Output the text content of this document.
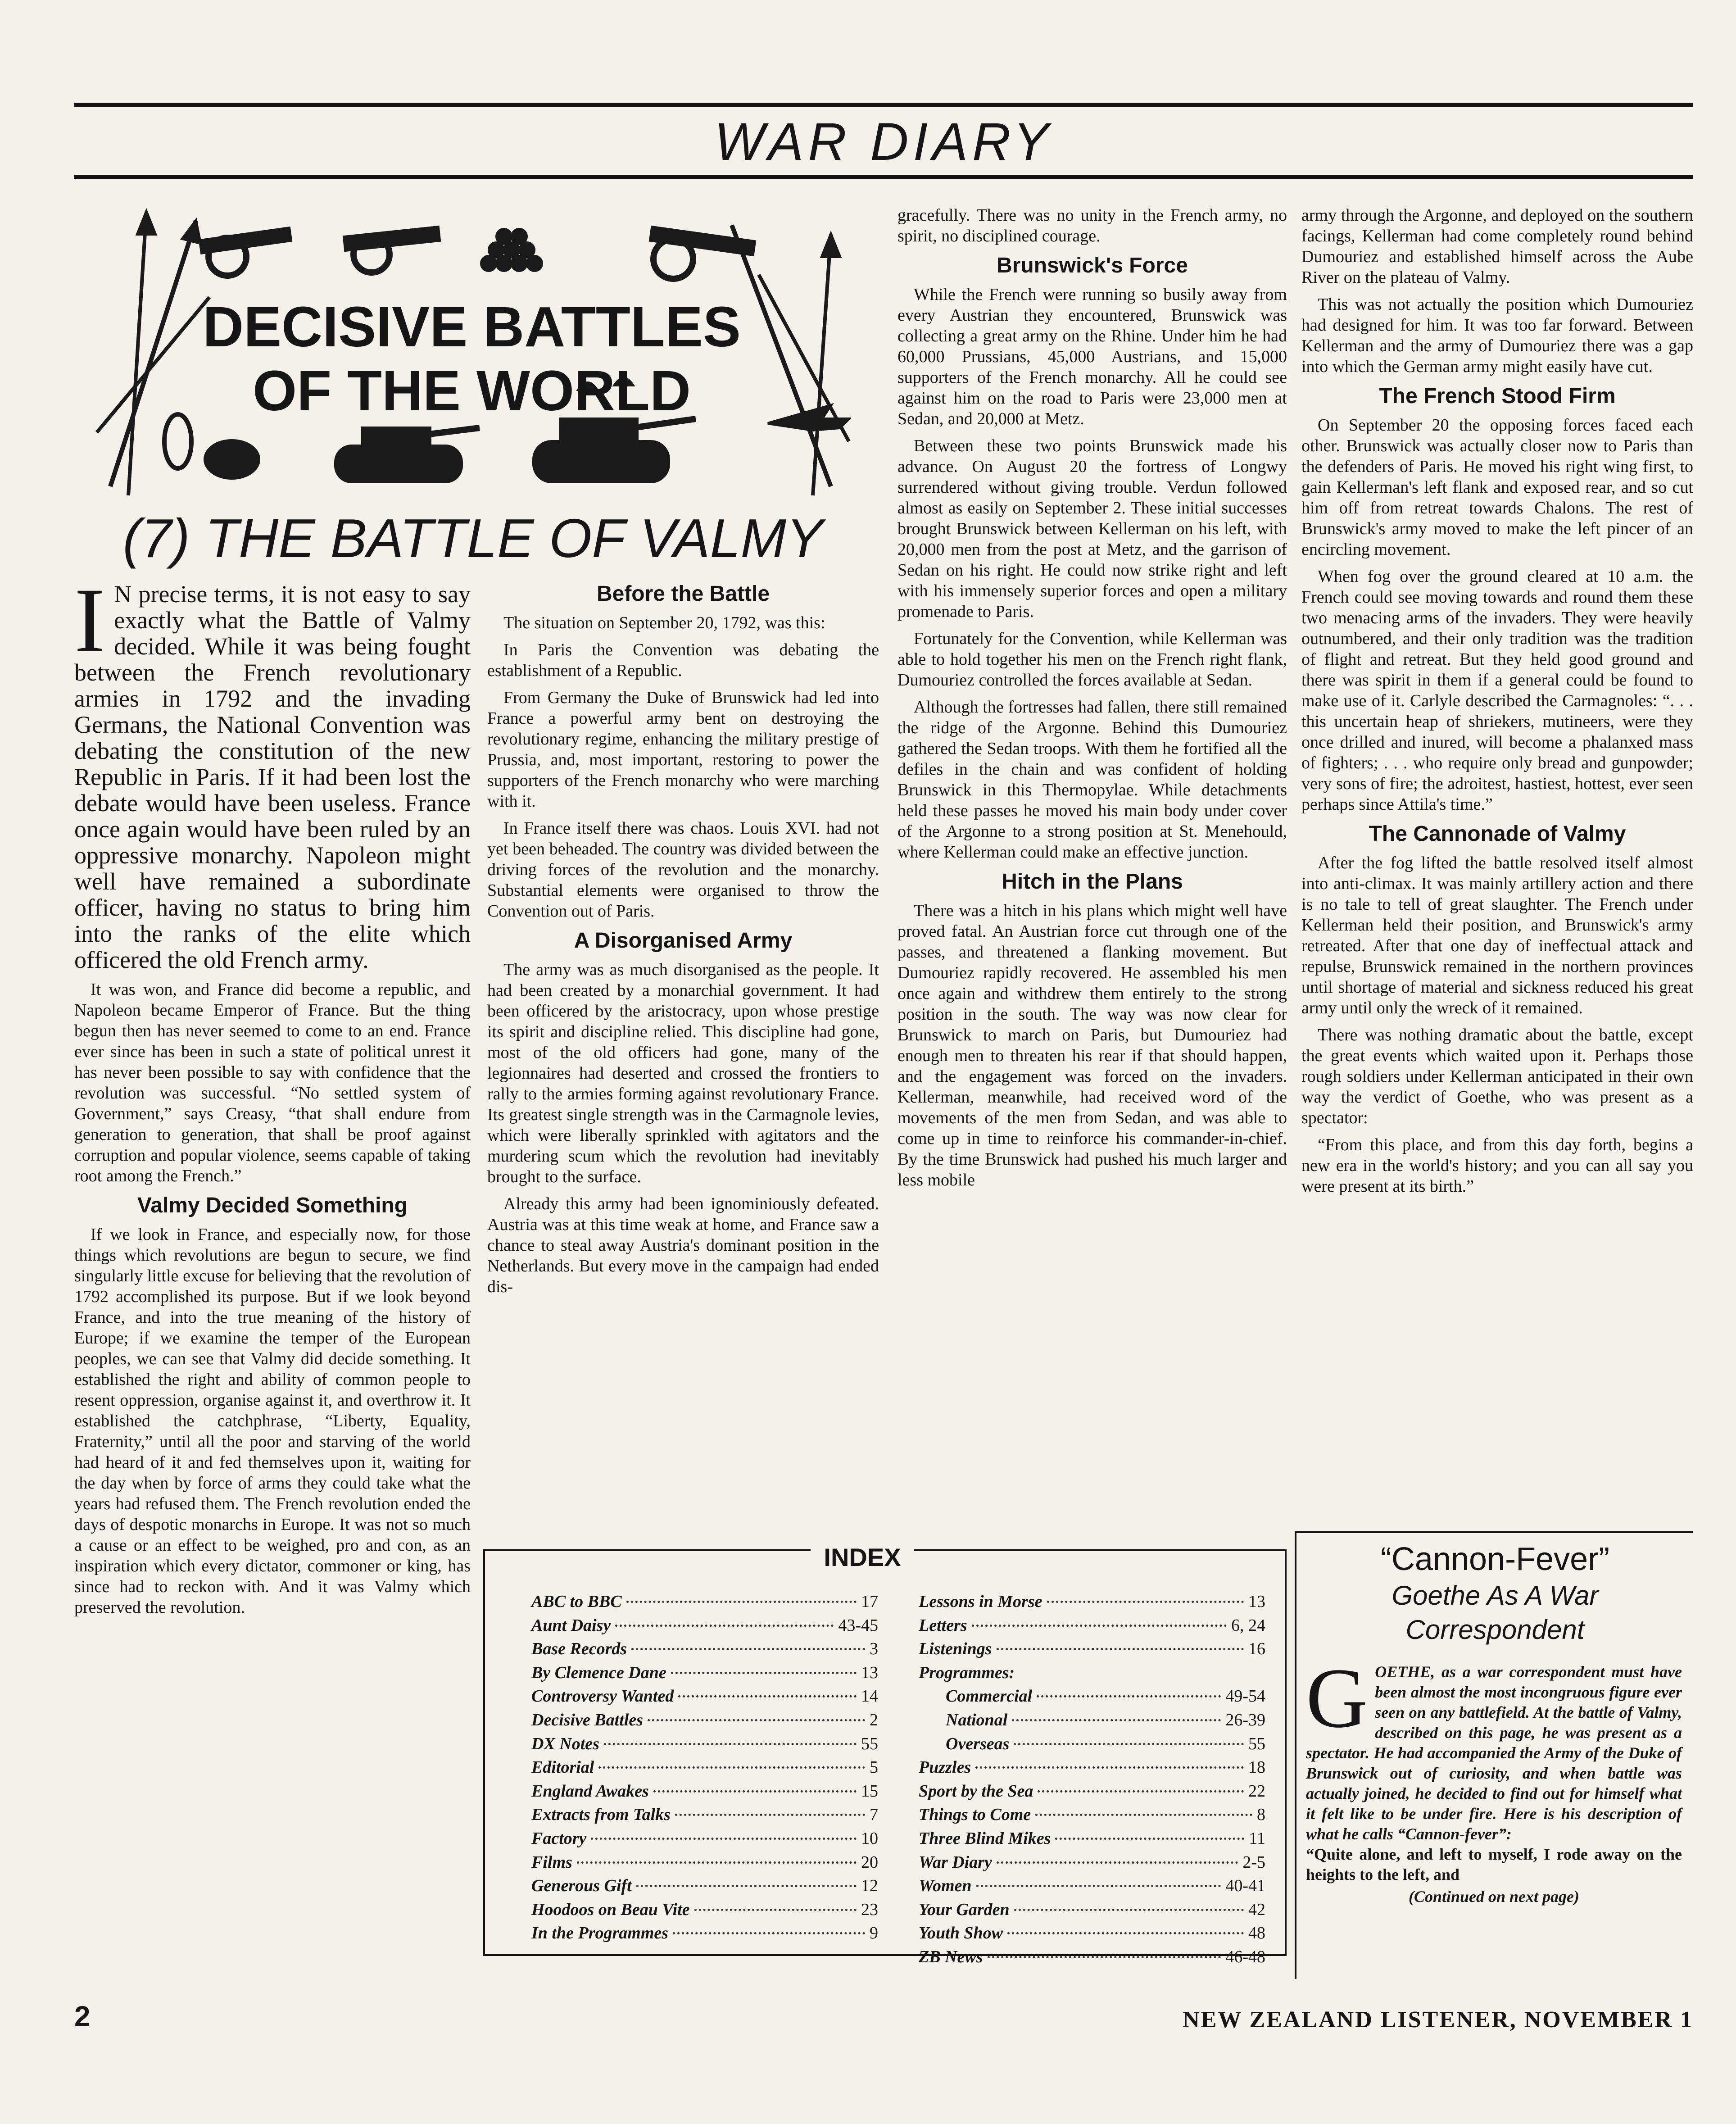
WAR DIARY
DECISIVE BATTLES
OF THE WORLD
(7) THE BATTLE OF VALMY

I N precise terms, it is not easy to say exactly what the Battle of Valmy decided. While it was being fought between the French revolutionary armies in 1792 and the invading Germans, the National Convention was debating the constitution of the new Republic in Paris. If it had been lost the debate would have been useless. France once again would have been ruled by an oppressive monarchy. Napoleon might well have remained a subordinate officer, having no status to bring him into the ranks of the elite which officered the old French army.

It was won, and France did become a republic, and Napoleon became Emperor of France. But the thing begun then has never seemed to come to an end. France ever since has been in such a state of political unrest it has never been possible to say with confidence that the revolution was successful. “No settled system of Government,” says Creasy, “that shall endure from generation to generation, that shall be proof against corruption and popular violence, seems capable of taking root among the French.”

Valmy Decided Something

If we look in France, and especially now, for those things which revolutions are begun to secure, we find singularly little excuse for believing that the revolution of 1792 accomplished its purpose. But if we look beyond France, and into the true meaning of the history of Europe; if we examine the temper of the European peoples, we can see that Valmy did decide something. It established the right and ability of common people to resent oppression, organise against it, and overthrow it. It established the catchphrase, “Liberty, Equality, Fraternity,” until all the poor and starving of the world had heard of it and fed themselves upon it, waiting for the day when by force of arms they could take what the years had refused them. The French revolution ended the days of despotic monarchs in Europe. It was not so much a cause or an effect to be weighed, pro and con, as an inspiration which every dictator, commoner or king, has since had to reckon with. And it was Valmy which preserved the revolution.

Before the Battle

The situation on September 20, 1792, was this:

In Paris the Convention was debating the establishment of a Republic.

From Germany the Duke of Brunswick had led into France a powerful army bent on destroying the revolutionary regime, enhancing the military prestige of Prussia, and, most important, restoring to power the supporters of the French monarchy who were marching with it.

In France itself there was chaos. Louis XVI. had not yet been beheaded. The country was divided between the driving forces of the revolution and the monarchy. Substantial elements were organised to throw the Convention out of Paris.

A Disorganised Army

The army was as much disorganised as the people. It had been created by a monarchial government. It had been officered by the aristocracy, upon whose prestige its spirit and discipline relied. This discipline had gone, most of the old officers had gone, many of the legionnaires had deserted and crossed the frontiers to rally to the armies forming against revolutionary France. Its greatest single strength was in the Carmagnole levies, which were liberally sprinkled with agitators and the murdering scum which the revolution had inevitably brought to the surface.

Already this army had been ignominiously defeated. Austria was at this time weak at home, and France saw a chance to steal away Austria's dominant position in the Netherlands. But every move in the campaign had ended dis-

gracefully. There was no unity in the French army, no spirit, no disciplined courage.

Brunswick's Force

While the French were running so busily away from every Austrian they encountered, Brunswick was collecting a great army on the Rhine. Under him he had 60,000 Prussians, 45,000 Austrians, and 15,000 supporters of the French monarchy. All he could see against him on the road to Paris were 23,000 men at Sedan, and 20,000 at Metz.

Between these two points Brunswick made his advance. On August 20 the fortress of Longwy surrendered without giving trouble. Verdun followed almost as easily on September 2. These initial successes brought Brunswick between Kellerman on his left, with 20,000 men from the post at Metz, and the garrison of Sedan on his right. He could now strike right and left with his immensely superior forces and open a military promenade to Paris.

Fortunately for the Convention, while Kellerman was able to hold together his men on the French right flank, Dumouriez controlled the forces available at Sedan.

Although the fortresses had fallen, there still remained the ridge of the Argonne. Behind this Dumouriez gathered the Sedan troops. With them he fortified all the defiles in the chain and was confident of holding Brunswick in this Thermopylae. While detachments held these passes he moved his main body under cover of the Argonne to a strong position at St. Menehould, where Kellerman could make an effective junction.

Hitch in the Plans

There was a hitch in his plans which might well have proved fatal. An Austrian force cut through one of the passes, and threatened a flanking movement. But Dumouriez rapidly recovered. He assembled his men once again and withdrew them entirely to the strong position in the south. The way was now clear for Brunswick to march on Paris, but Dumouriez had enough men to threaten his rear if that should happen, and the engagement was forced on the invaders. Kellerman, meanwhile, had received word of the movements of the men from Sedan, and was able to come up in time to reinforce his commander-in-chief. By the time Brunswick had pushed his much larger and less mobile

army through the Argonne, and deployed on the southern facings, Kellerman had come completely round behind Dumouriez and established himself across the Aube River on the plateau of Valmy.

This was not actually the position which Dumouriez had designed for him. It was too far forward. Between Kellerman and the army of Dumouriez there was a gap into which the German army might easily have cut.

The French Stood Firm

On September 20 the opposing forces faced each other. Brunswick was actually closer now to Paris than the defenders of Paris. He moved his right wing first, to gain Kellerman's left flank and exposed rear, and so cut him off from retreat towards Chalons. The rest of Brunswick's army moved to make the left pincer of an encircling movement.

When fog over the ground cleared at 10 a.m. the French could see moving towards and round them these two menacing arms of the invaders. They were heavily outnumbered, and their only tradition was the tradition of flight and retreat. But they held good ground and there was spirit in them if a general could be found to make use of it. Carlyle described the Carmagnoles: “. . . this uncertain heap of shriekers, mutineers, were they once drilled and inured, will become a phalanxed mass of fighters; . . . who require only bread and gunpowder; very sons of fire; the adroitest, hastiest, hottest, ever seen perhaps since Attila's time.”

The Cannonade of Valmy

After the fog lifted the battle resolved itself almost into anti-climax. It was mainly artillery action and there is no tale to tell of great slaughter. The French under Kellerman held their position, and Brunswick's army retreated. After that one day of ineffectual attack and repulse, Brunswick remained in the northern provinces until shortage of material and sickness reduced his great army until only the wreck of it remained.

There was nothing dramatic about the battle, except the great events which waited upon it. Perhaps those rough soldiers under Kellerman anticipated in their own way the verdict of Goethe, who was present as a spectator:

“From this place, and from this day forth, begins a new era in the world's history; and you can all say you were present at its birth.”

INDEX
ABC to BBC	17
Aunt Daisy	43-45
Base Records	3
By Clemence Dane	13
Controversy Wanted	14
Decisive Battles	2
DX Notes	55
Editorial	5
England Awakes	15
Extracts from Talks	7
Factory	10
Films	20
Generous Gift	12
Hoodoos on Beau Vite	23
In the Programmes	9
Lessons in Morse	13
Letters	6, 24
Listenings	16
Programmes:
Commercial	49-54
National	26-39
Overseas	55
Puzzles	18
Sport by the Sea	22
Things to Come	8
Three Blind Mikes	11
War Diary	2-5
Women	40-41
Your Garden	42
Youth Show	48
ZB News	46-48
“Cannon-Fever”
Goethe As A War
Correspondent
G OETHE, as a war correspondent must have been almost the most incongruous figure ever seen on any battlefield. At the battle of Valmy, described on this page, he was present as a spectator. He had accompanied the Army of the Duke of Brunswick out of curiosity, and when battle was actually joined, he decided to find out for himself what it felt like to be under fire. Here is his description of what he calls “Cannon-fever”:
“Quite alone, and left to myself, I rode away on the heights to the left, and
(Continued on next page)
2	NEW ZEALAND LISTENER, NOVEMBER 1
